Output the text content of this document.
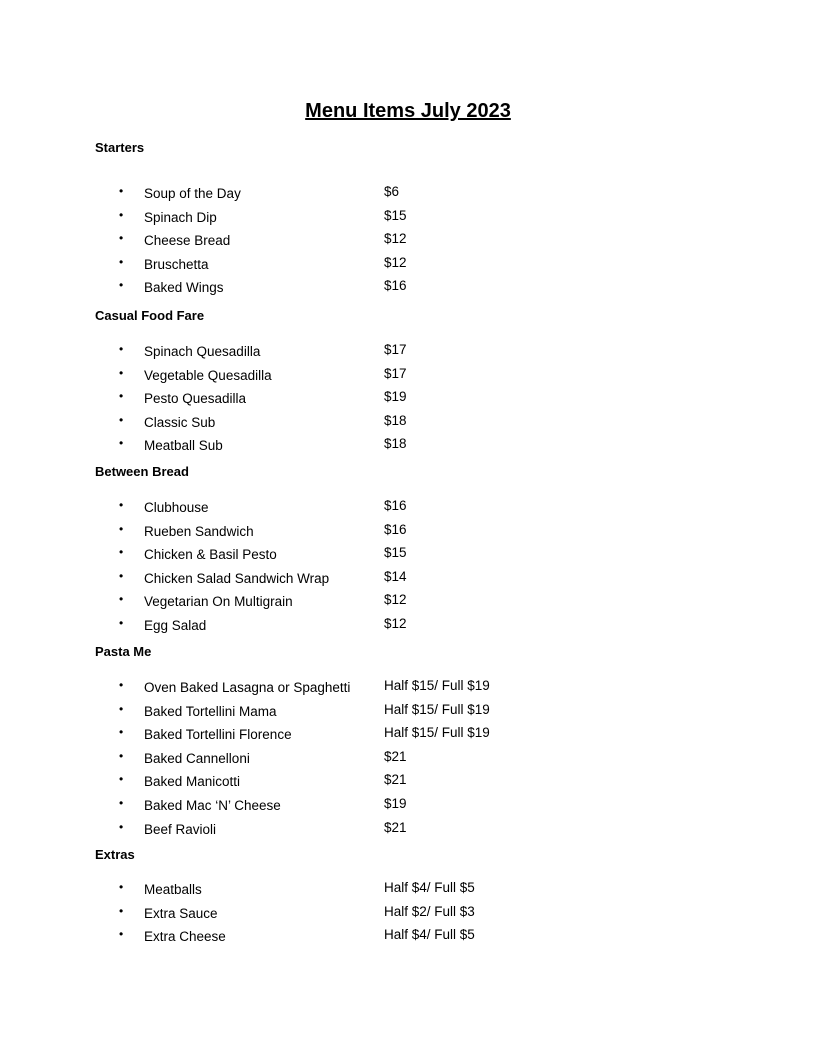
Menu Items July 2023
Starters
• Soup of the Day	$6
• Spinach Dip	$15
• Cheese Bread	$12
• Bruschetta	$12
• Baked Wings	$16
Casual Food Fare
• Spinach Quesadilla	$17
• Vegetable Quesadilla	$17
• Pesto Quesadilla	$19
• Classic Sub	$18
• Meatball Sub	$18
Between Bread
• Clubhouse	$16
• Rueben Sandwich	$16
• Chicken & Basil Pesto	$15
• Chicken Salad Sandwich Wrap	$14
• Vegetarian On Multigrain	$12
• Egg Salad	$12
Pasta Me
• Oven Baked Lasagna or Spaghetti Half $15/ Full $19
• Baked Tortellini Mama	Half $15/ Full $19
• Baked Tortellini Florence	Half $15/ Full $19
• Baked Cannelloni	$21
• Baked Manicotti	$21
• Baked Mac ‘N’ Cheese	$19
• Beef Ravioli	$21
Extras
• Meatballs	Half $4/ Full $5
• Extra Sauce	Half $2/ Full $3
• Extra Cheese	Half $4/ Full $5
